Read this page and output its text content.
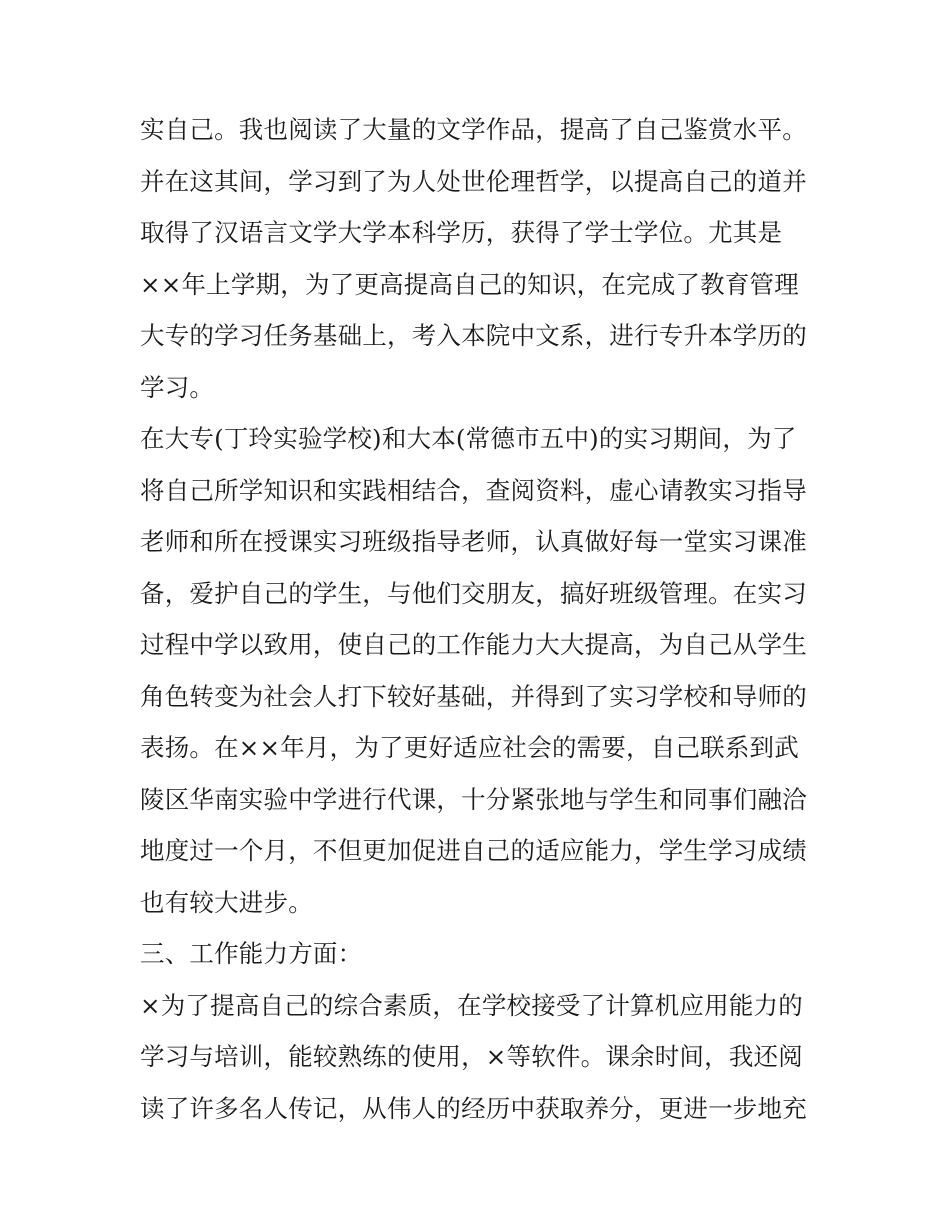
实自己。我也阅读了大量的文学作品，提高了自己鉴赏水平。
并在这其间，学习到了为人处世伦理哲学，以提高自己的道并
取得了汉语言文学大学本科学历，获得了学士学位。尤其是
××年上学期，为了更高提高自己的知识，在完成了教育管理
大专的学习任务基础上，考入本院中文系，进行专升本学历的
学习。
在大专(丁玲实验学校)和大本(常德市五中)的实习期间，为了
将自己所学知识和实践相结合，查阅资料，虚心请教实习指导
老师和所在授课实习班级指导老师，认真做好每一堂实习课准
备，爱护自己的学生，与他们交朋友，搞好班级管理。在实习
过程中学以致用，使自己的工作能力大大提高，为自己从学生
角色转变为社会人打下较好基础，并得到了实习学校和导师的
表扬。在××年月，为了更好适应社会的需要，自己联系到武
陵区华南实验中学进行代课，十分紧张地与学生和同事们融洽
地度过一个月，不但更加促进自己的适应能力，学生学习成绩
也有较大进步。
三、工作能力方面：
×为了提高自己的综合素质，在学校接受了计算机应用能力的
学习与培训，能较熟练的使用，×等软件。课余时间，我还阅
读了许多名人传记，从伟人的经历中获取养分，更进一步地充
